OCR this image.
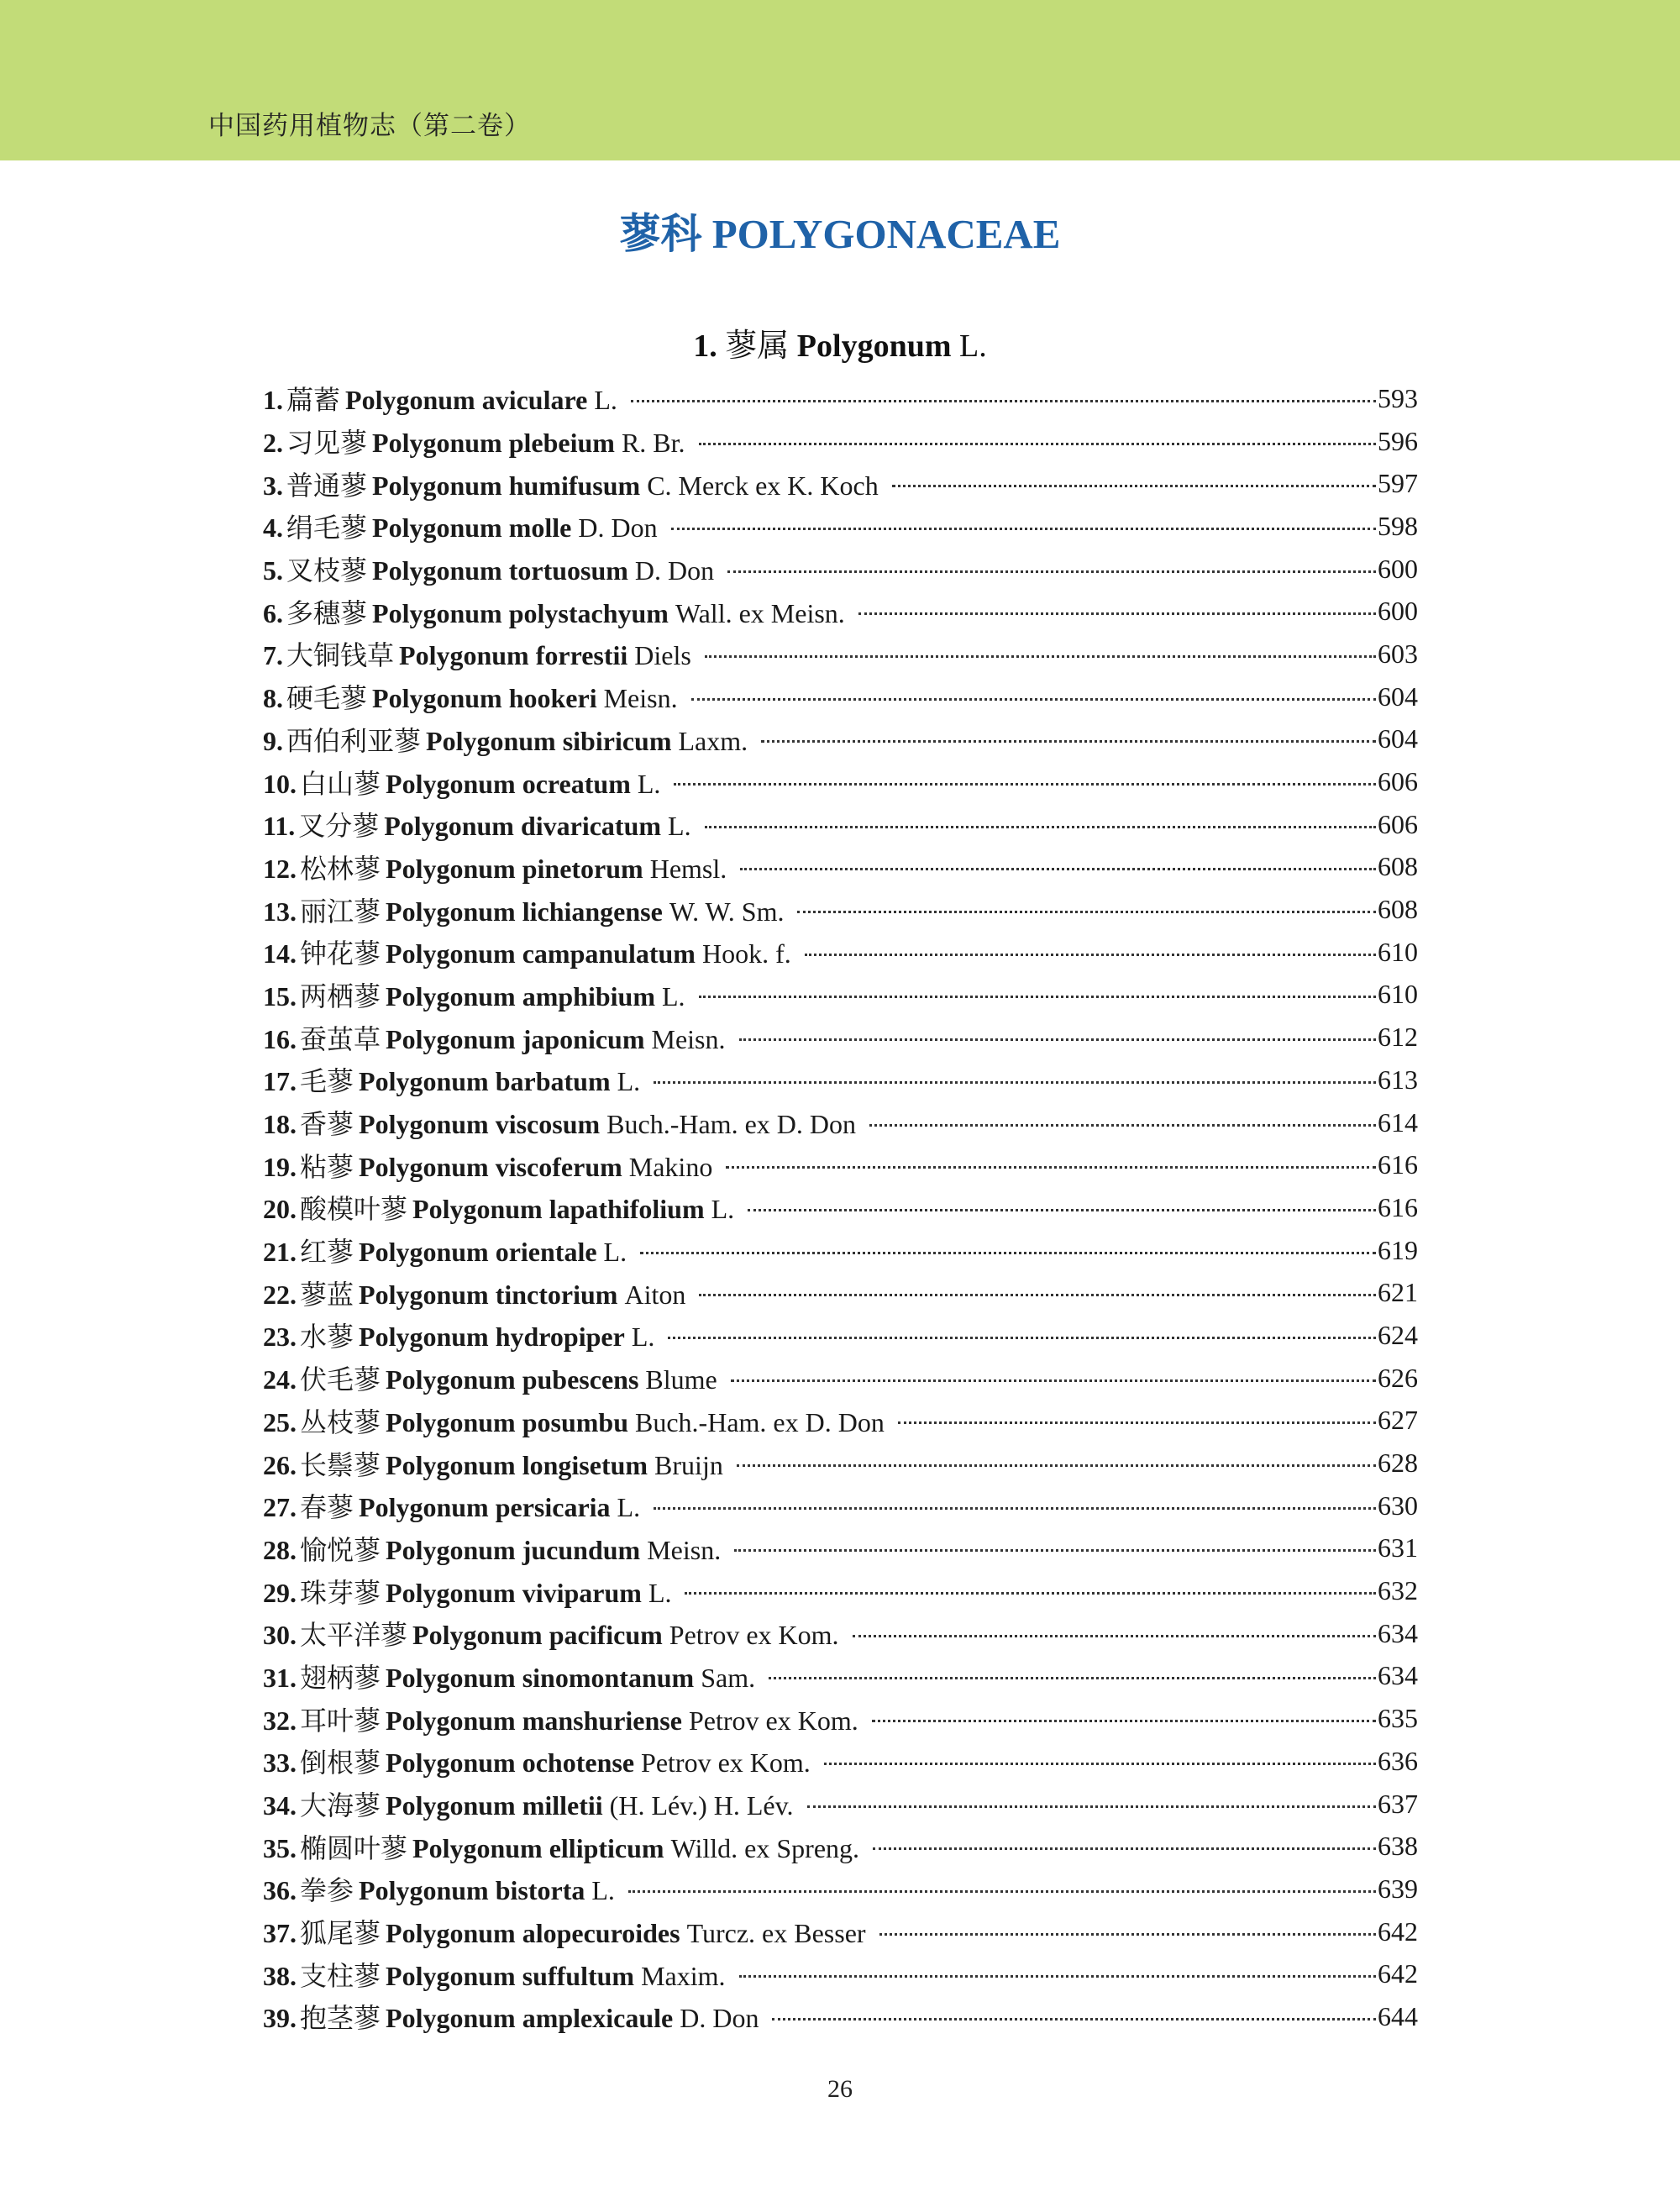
中国药用植物志（第二卷）
蓼科 POLYGONACEAE
1. 蓼属 Polygonum L.
1. 萹蓄 Polygonum aviculare L.	593
2. 习见蓼 Polygonum plebeium R. Br.	596
3. 普通蓼 Polygonum humifusum C. Merck ex K. Koch	597
4. 绢毛蓼 Polygonum molle D. Don	598
5. 叉枝蓼 Polygonum tortuosum D. Don	600
6. 多穗蓼 Polygonum polystachyum Wall. ex Meisn.	600
7. 大铜钱草 Polygonum forrestii Diels	603
8. 硬毛蓼 Polygonum hookeri Meisn.	604
9. 西伯利亚蓼 Polygonum sibiricum Laxm.	604
10. 白山蓼 Polygonum ocreatum L.	606
11. 叉分蓼 Polygonum divaricatum L.	606
12. 松林蓼 Polygonum pinetorum Hemsl.	608
13. 丽江蓼 Polygonum lichiangense W. W. Sm.	608
14. 钟花蓼 Polygonum campanulatum Hook. f.	610
15. 两栖蓼 Polygonum amphibium L.	610
16. 蚕茧草 Polygonum japonicum Meisn.	612
17. 毛蓼 Polygonum barbatum L.	613
18. 香蓼 Polygonum viscosum Buch.-Ham. ex D. Don	614
19. 粘蓼 Polygonum viscoferum Makino	616
20. 酸模叶蓼 Polygonum lapathifolium L.	616
21. 红蓼 Polygonum orientale L.	619
22. 蓼蓝 Polygonum tinctorium Aiton	621
23. 水蓼 Polygonum hydropiper L.	624
24. 伏毛蓼 Polygonum pubescens Blume	626
25. 丛枝蓼 Polygonum posumbu Buch.-Ham. ex D. Don	627
26. 长鬃蓼 Polygonum longisetum Bruijn	628
27. 春蓼 Polygonum persicaria L.	630
28. 愉悦蓼 Polygonum jucundum Meisn.	631
29. 珠芽蓼 Polygonum viviparum L.	632
30. 太平洋蓼 Polygonum pacificum Petrov ex Kom.	634
31. 翅柄蓼 Polygonum sinomontanum Sam.	634
32. 耳叶蓼 Polygonum manshuriense Petrov ex Kom.	635
33. 倒根蓼 Polygonum ochotense Petrov ex Kom.	636
34. 大海蓼 Polygonum milletii (H. Lév.) H. Lév.	637
35. 椭圆叶蓼 Polygonum ellipticum Willd. ex Spreng.	638
36. 拳参 Polygonum bistorta L.	639
37. 狐尾蓼 Polygonum alopecuroides Turcz. ex Besser	642
38. 支柱蓼 Polygonum suffultum Maxim.	642
39. 抱茎蓼 Polygonum amplexicaule D. Don	644
26
